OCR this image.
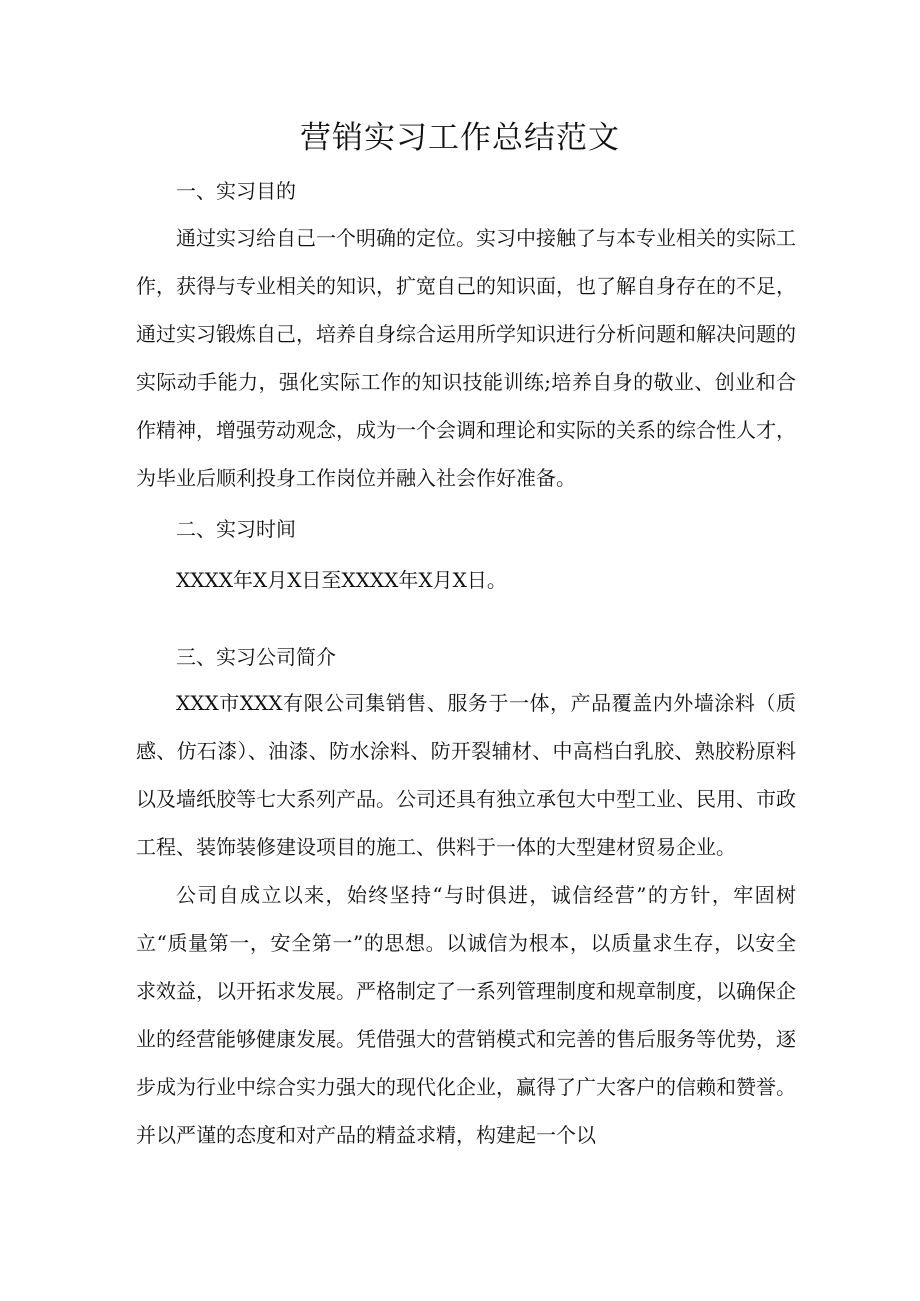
营销实习工作总结范文
一、实习目的
通过实习给自己一个明确的定位。实习中接触了与本专业相关的实际工作，获得与专业相关的知识，扩宽自己的知识面，也了解自身存在的不足，通过实习锻炼自己，培养自身综合运用所学知识进行分析问题和解决问题的实际动手能力，强化实际工作的知识技能训练;培养自身的敬业、创业和合作精神，增强劳动观念，成为一个会调和理论和实际的关系的综合性人才，为毕业后顺利投身工作岗位并融入社会作好准备。
二、实习时间
XXXX年X月X日至XXXX年X月X日。
三、实习公司简介
XXX市XXX有限公司集销售、服务于一体，产品覆盖内外墙涂料（质感、仿石漆）、油漆、防水涂料、防开裂辅材、中高档白乳胶、熟胶粉原料以及墙纸胶等七大系列产品。公司还具有独立承包大中型工业、民用、市政工程、装饰装修建设项目的施工、供料于一体的大型建材贸易企业。
公司自成立以来，始终坚持“与时俱进，诚信经营”的方针，牢固树立“质量第一，安全第一”的思想。以诚信为根本，以质量求生存，以安全求效益，以开拓求发展。严格制定了一系列管理制度和规章制度，以确保企业的经营能够健康发展。凭借强大的营销模式和完善的售后服务等优势，逐步成为行业中综合实力强大的现代化企业，赢得了广大客户的信赖和赞誉。并以严谨的态度和对产品的精益求精，构建起一个以
